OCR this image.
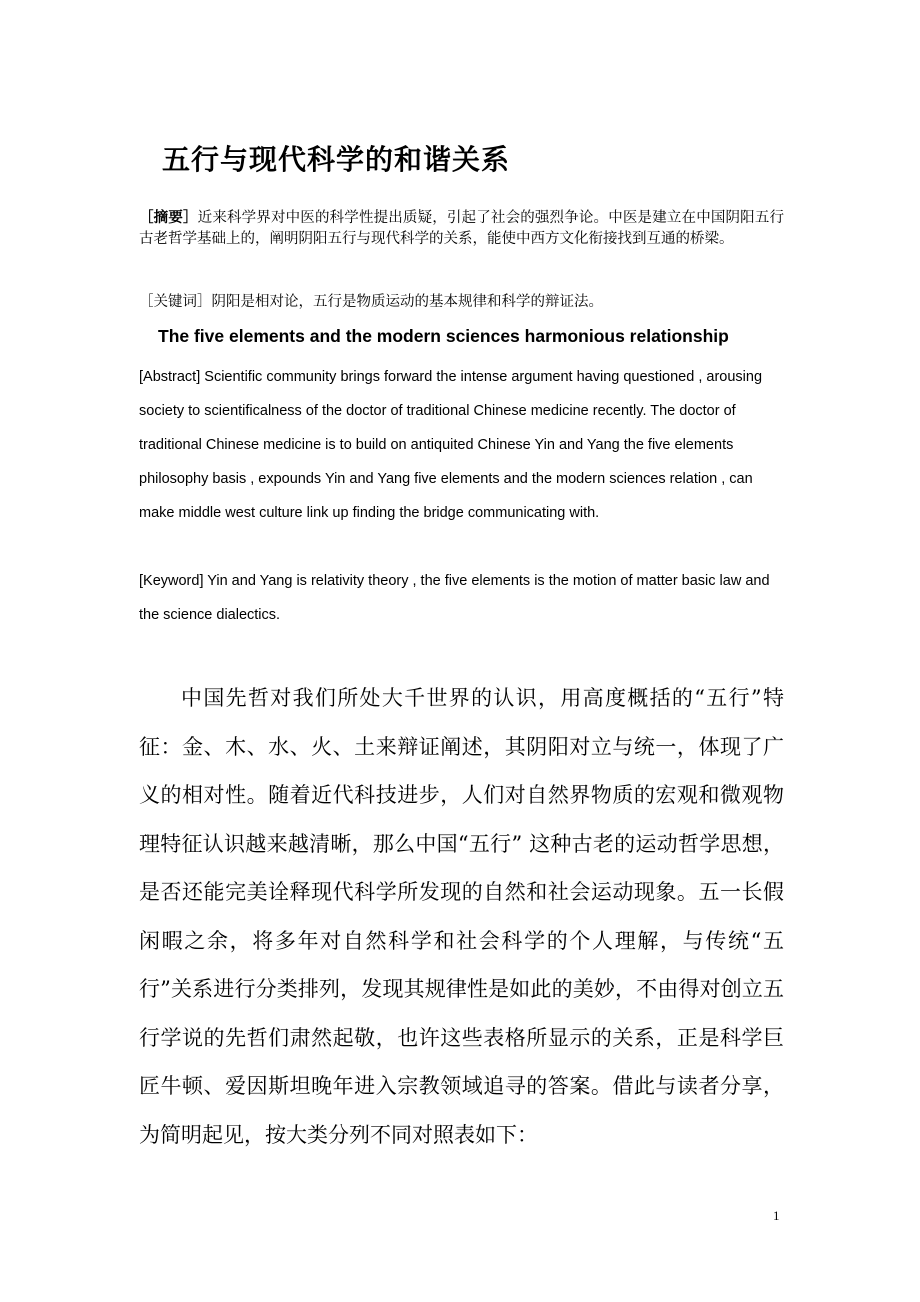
五行与现代科学的和谐关系

［摘要］近来科学界对中医的科学性提出质疑，引起了社会的强烈争论。中医是建立在中国阴阳五行古老哲学基础上的，阐明阴阳五行与现代科学的关系，能使中西方文化衔接找到互通的桥梁。

［关键词］阴阳是相对论，五行是物质运动的基本规律和科学的辩证法。

The five elements and the modern sciences harmonious relationship

[Abstract] Scientific community brings forward the intense argument having questioned , arousing society to scientificalness of the doctor of traditional Chinese medicine recently. The doctor of traditional Chinese medicine is to build on antiquited Chinese Yin and Yang the five elements philosophy basis , expounds Yin and Yang five elements and the modern sciences relation , can make middle west culture link up finding the bridge communicating with.

[Keyword] Yin and Yang is relativity theory , the five elements is the motion of matter basic law and the science dialectics.

中国先哲对我们所处大千世界的认识，用高度概括的“五行”特征：金、木、水、火、土来辩证阐述，其阴阳对立与统一，体现了广义的相对性。随着近代科技进步，人们对自然界物质的宏观和微观物理特征认识越来越清晰，那么中国“五行” 这种古老的运动哲学思想，是否还能完美诠释现代科学所发现的自然和社会运动现象。五一长假闲暇之余，将多年对自然科学和社会科学的个人理解，与传统“五行”关系进行分类排列，发现其规律性是如此的美妙，不由得对创立五行学说的先哲们肃然起敬，也许这些表格所显示的关系，正是科学巨匠牛顿、爱因斯坦晚年进入宗教领域追寻的答案。借此与读者分享，为简明起见，按大类分列不同对照表如下：

1
